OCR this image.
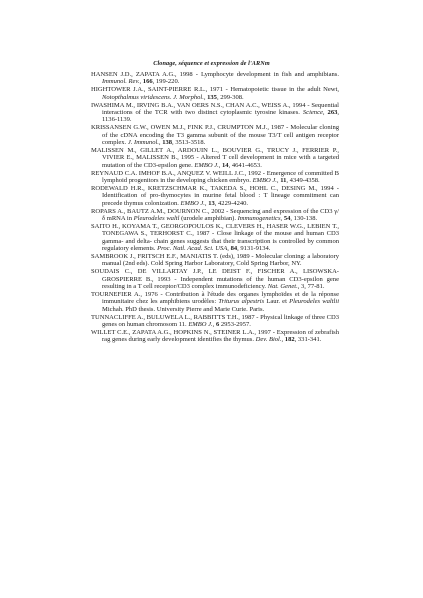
Clonage, séquence et expression de l'ARNm
HANSEN J.D., ZAPATA A.G., 1998 - Lymphocyte development in fish and amphibians. Immunol. Rev., 166, 199-220.
HIGHTOWER J.A., SAINT-PIERRE R.L., 1971 - Hematopoietic tissue in the adult Newt, Notopthalmus viridescens. J. Morphol., 135, 299-308.
IWASHIMA M., IRVING B.A., VAN OERS N.S., CHAN A.C., WEISS A., 1994 - Sequential interactions of the TCR with two distinct cytoplasmic tyrosine kinases. Science, 263, 1136-1139.
KRISSANSEN G.W., OWEN M.J., FINK P.J., CRUMPTON M.J., 1987 - Molecular cloning of the cDNA encoding the T3 gamma subunit of the mouse T3/T cell antigen receptor complex. J. Immunol., 138, 3513-3518.
MALISSEN M., GILLET A., ARDOUIN L., BOUVIER G., TRUCY J., FERRIER P., VIVIER E., MALISSEN B., 1995 - Altered T cell development in mice with a targeted mutation of the CD3-epsilon gene. EMBO J., 14, 4641-4653.
REYNAUD C.A. IMHOF B.A., ANQUEZ V. WEILL J.C., 1992 - Emergence of committed B lymphoid progenitors in the developing chicken embryo. EMBO J., 11, 4349-4358.
RODEWALD H.R., KRETZSCHMAR K., TAKEDA S., HOHL C., DESING M., 1994 - Identification of pro-thymocytes in murine fetal blood : T lineage commitment can precede thymus colonization. EMBO J., 13, 4229-4240.
ROPARS A., BAUTZ A.M., DOURNON C., 2002 - Sequencing and expression of the CD3 γ/δ mRNA in Pleurodeles waltl (urodele amphibian). Immunogenetics, 54, 130-138.
SAITO H., KOYAMA T., GEORGOPOULOS K., CLEVERS H., HASER W.G., LEBIEN T., TONEGAWA S., TERHORST C., 1987 - Close linkage of the mouse and human CD3 gamma- and delta- chain genes suggests that their transcription is controlled by common regulatory elements. Proc. Natl. Acad. Sci. USA, 84, 9131-9134.
SAMBROOK J., FRITSCH E.F., MANIATIS T. (eds), 1989 - Molecular cloning: a laboratory manual (2nd eds). Cold Spring Harbor Laboratory, Cold Spring Harbor, NY.
SOUDAIS C., DE VILLARTAY J.P., LE DEIST F., FISCHER A., LISOWSKA-GROSPIERRE B., 1993 - Independent mutations of the human CD3-epsilon gene resulting in a T cell receptor/CD3 complex immunodeficiency. Nat. Genet., 3, 77-81.
TOURNEFIER A., 1976 - Contribution à l'étude des organes lymphoïdes et de la réponse immunitaire chez les amphibiens urodèles: Triturus alpestris Laur. et Pleurodeles waltlii Michah. PhD thesis. University Pierre and Marie Curie. Paris.
TUNNACLIFFE A., BULUWELA L., RABBITTS T.H., 1987 - Physical linkage of three CD3 genes on human chromosom 11. EMBO J., 6 2953-2957.
WILLET C.E., ZAPATA A.G., HOPKINS N., STEINER L.A., 1997 - Expression of zebrafish rag genes during early development identifies the thymus. Dev. Biol., 182, 331-341.
